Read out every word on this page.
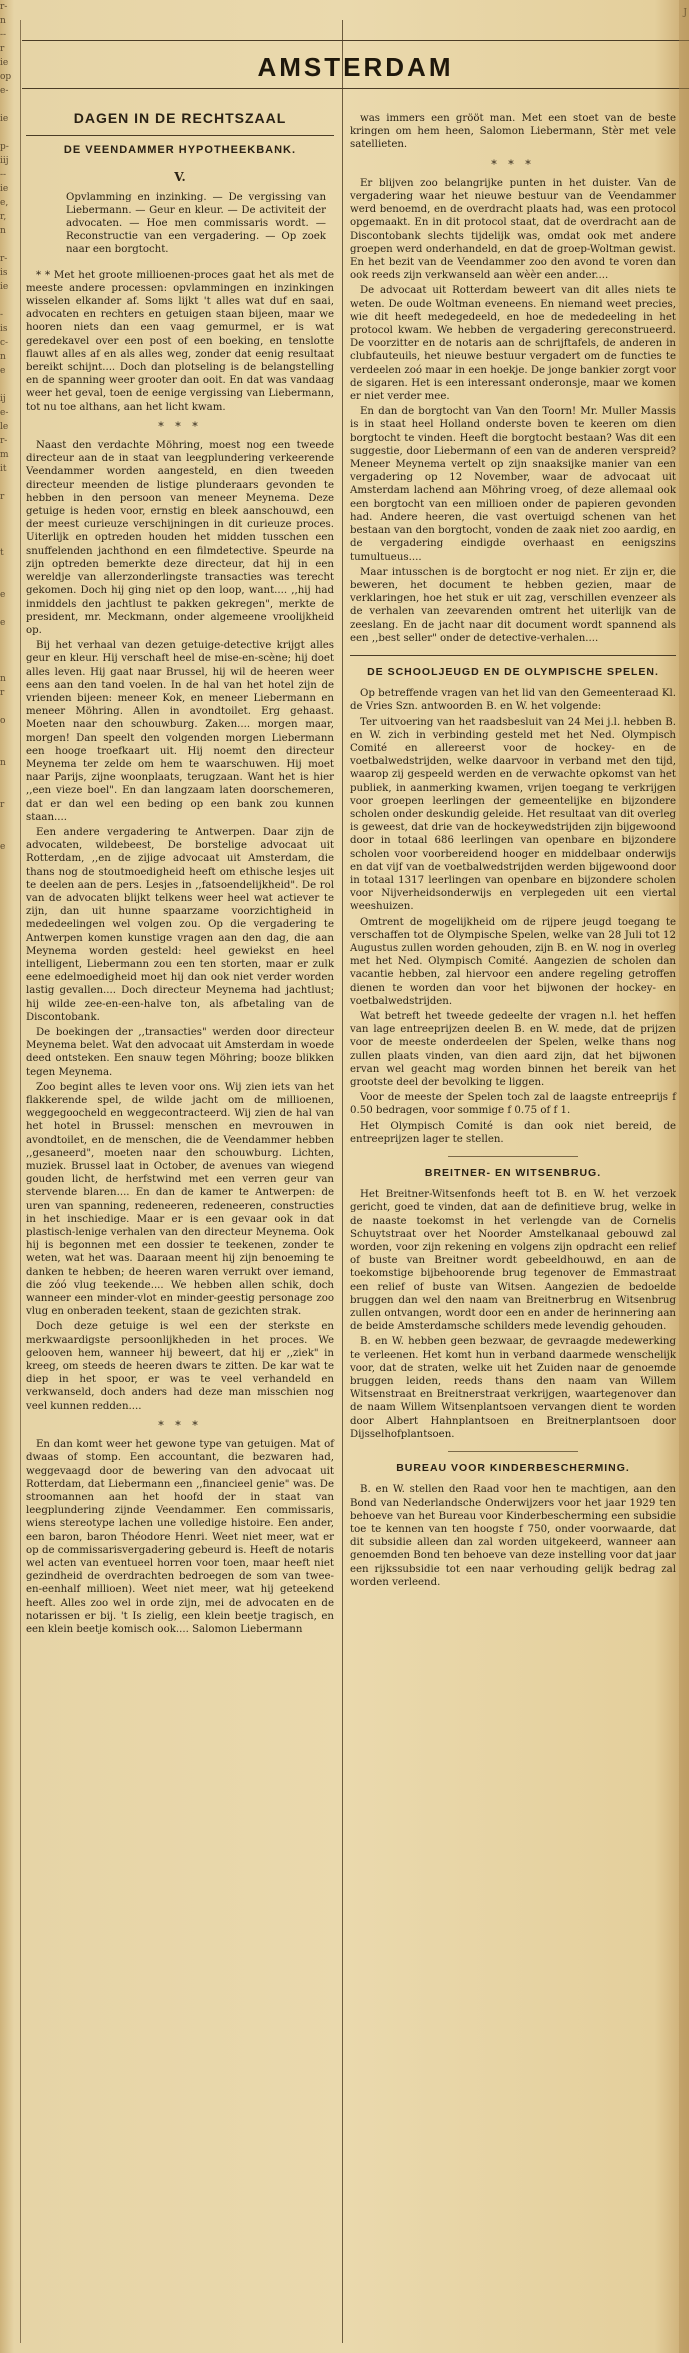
r-
n
--
r
ie
op
e-

ie

p-
iij
--
ie
e,
r,
n

r-
is
ie

-
is
c-
n
e

ij
e-
le
r-
m
it

r

t

e

e

n
r

o

n

r

e
AMSTERDAM
J
DAGEN IN DE RECHTSZAAL
DE VEENDAMMER HYPOTHEEKBANK.
V.
Opvlamming en inzinking. — De vergissing van Liebermann. — Geur en kleur. — De activiteit der advocaten. — Hoe men commissaris wordt. — Reconstructie van een vergadering. — Op zoek naar een borgtocht.

* * Met het groote millioenen-proces gaat het als met de meeste andere processen: opvlammingen en inzinkingen wisselen elkander af. Soms lijkt 't alles wat duf en saai, advocaten en rechters en getuigen staan bijeen, maar we hooren niets dan een vaag gemurmel, er is wat geredekavel over een post of een boeking, en tenslotte flauwt alles af en als alles weg, zonder dat eenig resultaat bereikt schijnt.... Doch dan plotseling is de belangstelling en de spanning weer grooter dan ooit. En dat was vandaag weer het geval, toen de eenige vergissing van Liebermann, tot nu toe althans, aan het licht kwam.

* * *

Naast den verdachte Möhring, moest nog een tweede directeur aan de in staat van leegplundering verkeerende Veendammer worden aangesteld, en dien tweeden directeur meenden de listige plunderaars gevonden te hebben in den persoon van meneer Meynema. Deze getuige is heden voor, ernstig en bleek aanschouwd, een der meest curieuze verschijningen in dit curieuze proces. Uiterlijk en optreden houden het midden tusschen een snuffelenden jachthond en een filmdetective. Speurde na zijn optreden bemerkte deze directeur, dat hij in een wereldje van allerzonderlingste transacties was terecht gekomen. Doch hij ging niet op den loop, want.... ,,hij had inmiddels den jachtlust te pakken gekregen", merkte de president, mr. Meckmann, onder algemeene vroolijkheid op.

Bij het verhaal van dezen getuige-detective krijgt alles geur en kleur. Hij verschaft heel de mise-en-scène; hij doet alles leven. Hij gaat naar Brussel, hij wil de heeren weer eens aan den tand voelen. In de hal van het hotel zijn de vrienden bijeen: meneer Kok, en meneer Liebermann en meneer Möhring. Allen in avondtoilet. Erg gehaast. Moeten naar den schouwburg. Zaken.... morgen maar, morgen! Dan speelt den volgenden morgen Liebermann een hooge troefkaart uit. Hij noemt den directeur Meynema ter zelde om hem te waarschuwen. Hij moet naar Parijs, zijne woonplaats, terugzaan. Want het is hier ,,een vieze boel". En dan langzaam laten doorschemeren, dat er dan wel een beding op een bank zou kunnen staan....

Een andere vergadering te Antwerpen. Daar zijn de advocaten, wildebeest, De borstelige advocaat uit Rotterdam, ,,en de zijige advocaat uit Amsterdam, die thans nog de stoutmoedigheid heeft om ethische lesjes uit te deelen aan de pers. Lesjes in ,,fatsoendelijkheid". De rol van de advocaten blijkt telkens weer heel wat actiever te zijn, dan uit hunne spaarzame voorzichtigheid in mededeelingen wel volgen zou. Op die vergadering te Antwerpen komen kunstige vragen aan den dag, die aan Meynema worden gesteld: heel gewiekst en heel intelligent, Liebermann zou een ten storten, maar er zulk eene edelmoedigheid moet hij dan ook niet verder worden lastig gevallen.... Doch directeur Meynema had jachtlust; hij wilde zee-en-een-halve ton, als afbetaling van de Discontobank.

De boekingen der ,,transacties" werden door directeur Meynema belet. Wat den advocaat uit Amsterdam in woede deed ontsteken. Een snauw tegen Möhring; booze blikken tegen Meynema.

Zoo begint alles te leven voor ons. Wij zien iets van het flakkerende spel, de wilde jacht om de millioenen, weggegoocheld en weggecontracteerd. Wij zien de hal van het hotel in Brussel: menschen en mevrouwen in avondtoilet, en de menschen, die de Veendammer hebben ,,gesaneerd", moeten naar den schouwburg. Lichten, muziek. Brussel laat in October, de avenues van wiegend gouden licht, de herfstwind met een verren geur van stervende blaren.... En dan de kamer te Antwerpen: de uren van spanning, redeneeren, redeneeren, constructies in het inschiedige. Maar er is een gevaar ook in dat plastisch-lenige verhalen van den directeur Meynema. Ook hij is begonnen met een dossier te teekenen, zonder te weten, wat het was. Daaraan meent hij zijn benoeming te danken te hebben; de heeren waren verrukt over iemand, die zóó vlug teekende.... We hebben allen schik, doch wanneer een minder-vlot en minder-geestig personage zoo vlug en onberaden teekent, staan de gezichten strak.

Doch deze getuige is wel een der sterkste en merkwaardigste persoonlijkheden in het proces. We gelooven hem, wanneer hij beweert, dat hij er ,,ziek" in kreeg, om steeds de heeren dwars te zitten. De kar wat te diep in het spoor, er was te veel verhandeld en verkwanseld, doch anders had deze man misschien nog veel kunnen redden....

* * *

En dan komt weer het gewone type van getuigen. Mat of dwaas of stomp. Een accountant, die bezwaren had, weggevaagd door de bewering van den advocaat uit Rotterdam, dat Liebermann een ,,financieel genie" was. De stroomannen aan het hoofd der in staat van leegplundering zijnde Veendammer. Een commissaris, wiens stereotype lachen une volledige histoire. Een ander, een baron, baron Théodore Henri. Weet niet meer, wat er op de commissarisvergadering gebeurd is. Heeft de notaris wel acten van eventueel horren voor toen, maar heeft niet gezindheid de overdrachten bedroegen de som van twee-en-eenhalf millioen). Weet niet meer, wat hij geteekend heeft. Alles zoo wel in orde zijn, mei de advocaten en de notarissen er bij. 't Is zielig, een klein beetje tragisch, en een klein beetje komisch ook.... Salomon Liebermann

was immers een grööt man. Met een stoet van de beste kringen om hem heen, Salomon Liebermann, Stèr met vele satellieten.

* * *

Er blijven zoo belangrijke punten in het duister. Van de vergadering waar het nieuwe bestuur van de Veendammer werd benoemd, en de overdracht plaats had, was een protocol opgemaakt. En in dit protocol staat, dat de overdracht aan de Discontobank slechts tijdelijk was, omdat ook met andere groepen werd onderhandeld, en dat de groep-Woltman gewist. En het bezit van de Veendammer zoo den avond te voren dan ook reeds zijn verkwanseld aan wèèr een ander....

De advocaat uit Rotterdam beweert van dit alles niets te weten. De oude Woltman eveneens. En niemand weet precies, wie dit heeft medegedeeld, en hoe de mededeeling in het protocol kwam. We hebben de vergadering gereconstrueerd. De voorzitter en de notaris aan de schrijftafels, de anderen in clubfauteuils, het nieuwe bestuur vergadert om de functies te verdeelen zoó maar in een hoekje. De jonge bankier zorgt voor de sigaren. Het is een interessant onderonsje, maar we komen er niet verder mee.

En dan de borgtocht van Van den Toorn! Mr. Muller Massis is in staat heel Holland onderste boven te keeren om dien borgtocht te vinden. Heeft die borgtocht bestaan? Was dit een suggestie, door Liebermann of een van de anderen verspreid? Meneer Meynema vertelt op zijn snaaksijke manier van een vergadering op 12 November, waar de advocaat uit Amsterdam lachend aan Möhring vroeg, of deze allemaal ook een borgtocht van een millioen onder de papieren gevonden had. Andere heeren, die vast overtuigd schenen van het bestaan van den borgtocht, vonden de zaak niet zoo aardig, en de vergadering eindigde overhaast en eenigszins tumultueus....

Maar intusschen is de borgtocht er nog niet. Er zijn er, die beweren, het document te hebben gezien, maar de verklaringen, hoe het stuk er uit zag, verschillen evenzeer als de verhalen van zeevarenden omtrent het uiterlijk van de zeeslang. En de jacht naar dit document wordt spannend als een ,,best seller" onder de detective-verhalen....

DE SCHOOLJEUGD EN DE OLYMPISCHE SPELEN.

Op betreffende vragen van het lid van den Gemeenteraad Kl. de Vries Szn. antwoorden B. en W. het volgende:

Ter uitvoering van het raadsbesluit van 24 Mei j.l. hebben B. en W. zich in verbinding gesteld met het Ned. Olympisch Comité en allereerst voor de hockey- en de voetbalwedstrijden, welke daarvoor in verband met den tijd, waarop zij gespeeld werden en de verwachte opkomst van het publiek, in aanmerking kwamen, vrijen toegang te verkrijgen voor groepen leerlingen der gemeentelijke en bijzondere scholen onder deskundig geleide. Het resultaat van dit overleg is geweest, dat drie van de hockeywedstrijden zijn bijgewoond door in totaal 686 leerlingen van openbare en bijzondere scholen voor voorbereidend hooger en middelbaar onderwijs en dat vijf van de voetbalwedstrijden werden bijgewoond door in totaal 1317 leerlingen van openbare en bijzondere scholen voor Nijverheidsonderwijs en verplegeden uit een viertal weeshuizen.

Omtrent de mogelijkheid om de rijpere jeugd toegang te verschaffen tot de Olympische Spelen, welke van 28 Juli tot 12 Augustus zullen worden gehouden, zijn B. en W. nog in overleg met het Ned. Olympisch Comité. Aangezien de scholen dan vacantie hebben, zal hiervoor een andere regeling getroffen dienen te worden dan voor het bijwonen der hockey- en voetbalwedstrijden.

Wat betreft het tweede gedeelte der vragen n.l. het heffen van lage entreeprijzen deelen B. en W. mede, dat de prijzen voor de meeste onderdeelen der Spelen, welke thans nog zullen plaats vinden, van dien aard zijn, dat het bijwonen ervan wel geacht mag worden binnen het bereik van het grootste deel der bevolking te liggen.

Voor de meeste der Spelen toch zal de laagste entreeprijs f 0.50 bedragen, voor sommige f 0.75 of f 1.

Het Olympisch Comité is dan ook niet bereid, de entreeprijzen lager te stellen.

BREITNER- EN WITSENBRUG.

Het Breitner-Witsenfonds heeft tot B. en W. het verzoek gericht, goed te vinden, dat aan de definitieve brug, welke in de naaste toekomst in het verlengde van de Cornelis Schuytstraat over het Noorder Amstelkanaal gebouwd zal worden, voor zijn rekening en volgens zijn opdracht een relief of buste van Breitner wordt gebeeldhouwd, en aan de toekomstige bijbehoorende brug tegenover de Emmastraat een relief of buste van Witsen. Aangezien de bedoelde bruggen dan wel den naam van Breitnerbrug en Witsenbrug zullen ontvangen, wordt door een en ander de herinnering aan de beide Amsterdamsche schilders mede levendig gehouden.

B. en W. hebben geen bezwaar, de gevraagde medewerking te verleenen. Het komt hun in verband daarmede wenschelijk voor, dat de straten, welke uit het Zuiden naar de genoemde bruggen leiden, reeds thans den naam van Willem Witsenstraat en Breitnerstraat verkrijgen, waartegenover dan de naam Willem Witsenplantsoen vervangen dient te worden door Albert Hahnplantsoen en Breitnerplantsoen door Dijsselhofplantsoen.

BUREAU VOOR KINDERBESCHERMING.

B. en W. stellen den Raad voor hen te machtigen, aan den Bond van Nederlandsche Onderwijzers voor het jaar 1929 ten behoeve van het Bureau voor Kinderbescherming een subsidie toe te kennen van ten hoogste f 750, onder voorwaarde, dat dit subsidie alleen dan zal worden uitgekeerd, wanneer aan genoemden Bond ten behoeve van deze instelling voor dat jaar een rijkssubsidie tot een naar verhouding gelijk bedrag zal worden verleend.
